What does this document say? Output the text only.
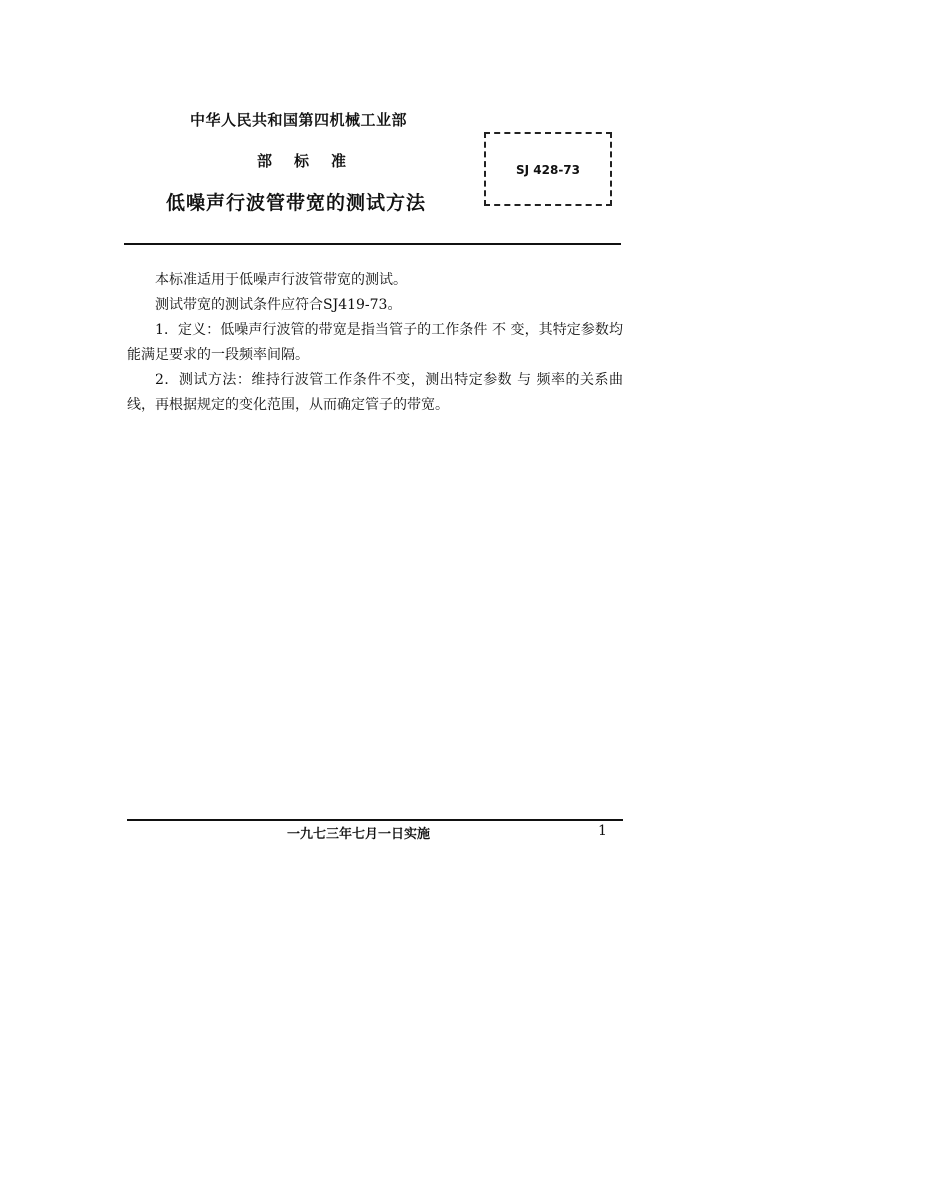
中华人民共和国第四机械工业部
部标准
低噪声行波管带宽的测试方法
SJ 428-73

本标准适用于低噪声行波管带宽的测试。

测试带宽的测试条件应符合SJ419-73。

1．定义：低噪声行波管的带宽是指当管子的工作条件 不 变，其特定参数均能满足要求的一段频率间隔。

2．测试方法：维持行波管工作条件不变，测出特定参数 与 频率的关系曲线，再根据规定的变化范围，从而确定管子的带宽。

一九七三年七月一日实施	1
